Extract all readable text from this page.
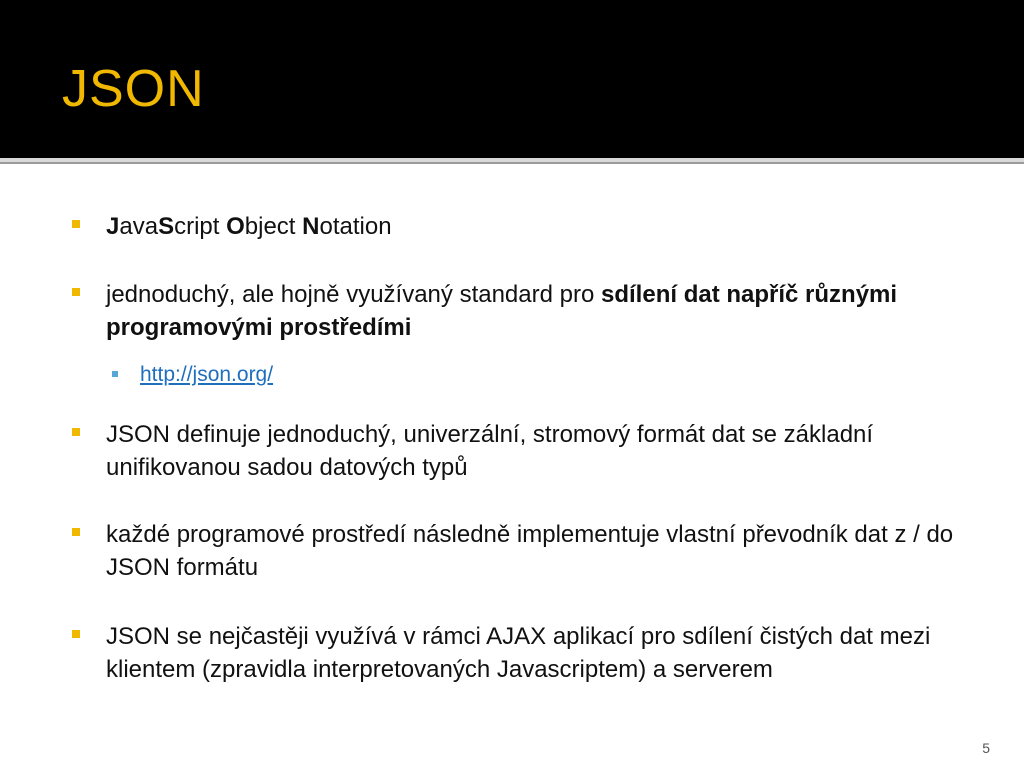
JSON
JavaScript Object Notation
jednoduchý, ale hojně využívaný standard pro sdílení dat napříč různými programovými prostředími
http://json.org/
JSON definuje jednoduchý, univerzální, stromový formát dat se základní unifikovanou sadou datových typů
každé programové prostředí následně implementuje vlastní převodník dat z / do JSON formátu
JSON se nejčastěji využívá v rámci AJAX aplikací pro sdílení čistých dat mezi klientem (zpravidla interpretovaných Javascriptem) a serverem
5
